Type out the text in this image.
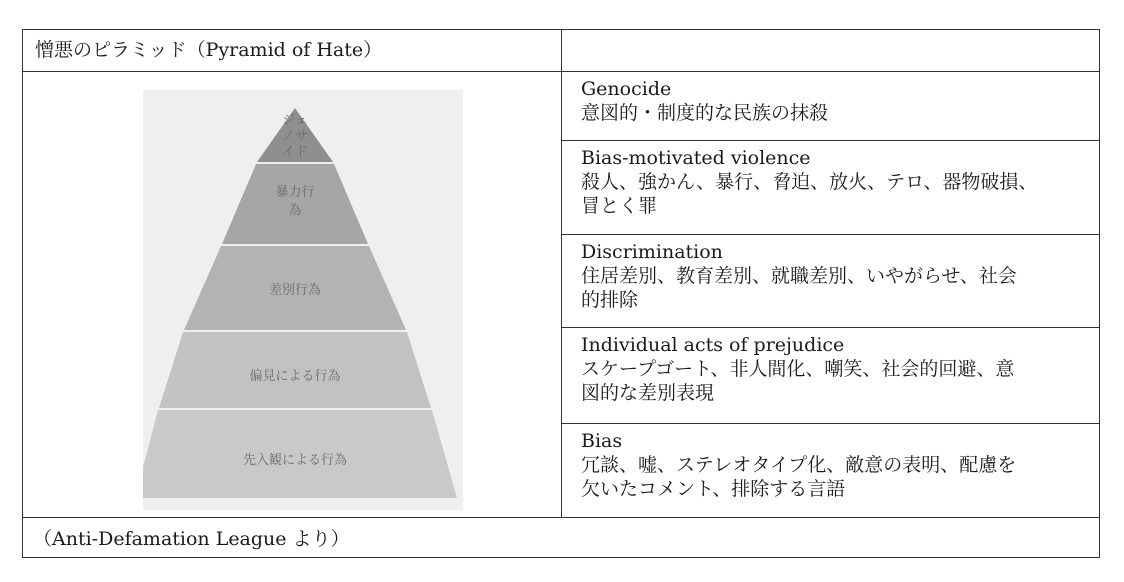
憎悪のピラミッド（Pyramid of Hate）
（Anti-Defamation League より）
ジェ
ノサ
イド
暴力行
為
差別行為
偏見による行為
先入観による行為
Genocide
意図的・制度的な民族の抹殺
Bias-motivated violence
殺人、強かん、暴行、脅迫、放火、テロ、器物破損、
冒とく罪
Discrimination
住居差別、教育差別、就職差別、いやがらせ、社会
的排除
Individual acts of prejudice
スケープゴート、非人間化、嘲笑、社会的回避、意
図的な差別表現
Bias
冗談、嘘、ステレオタイプ化、敵意の表明、配慮を
欠いたコメント、排除する言語
